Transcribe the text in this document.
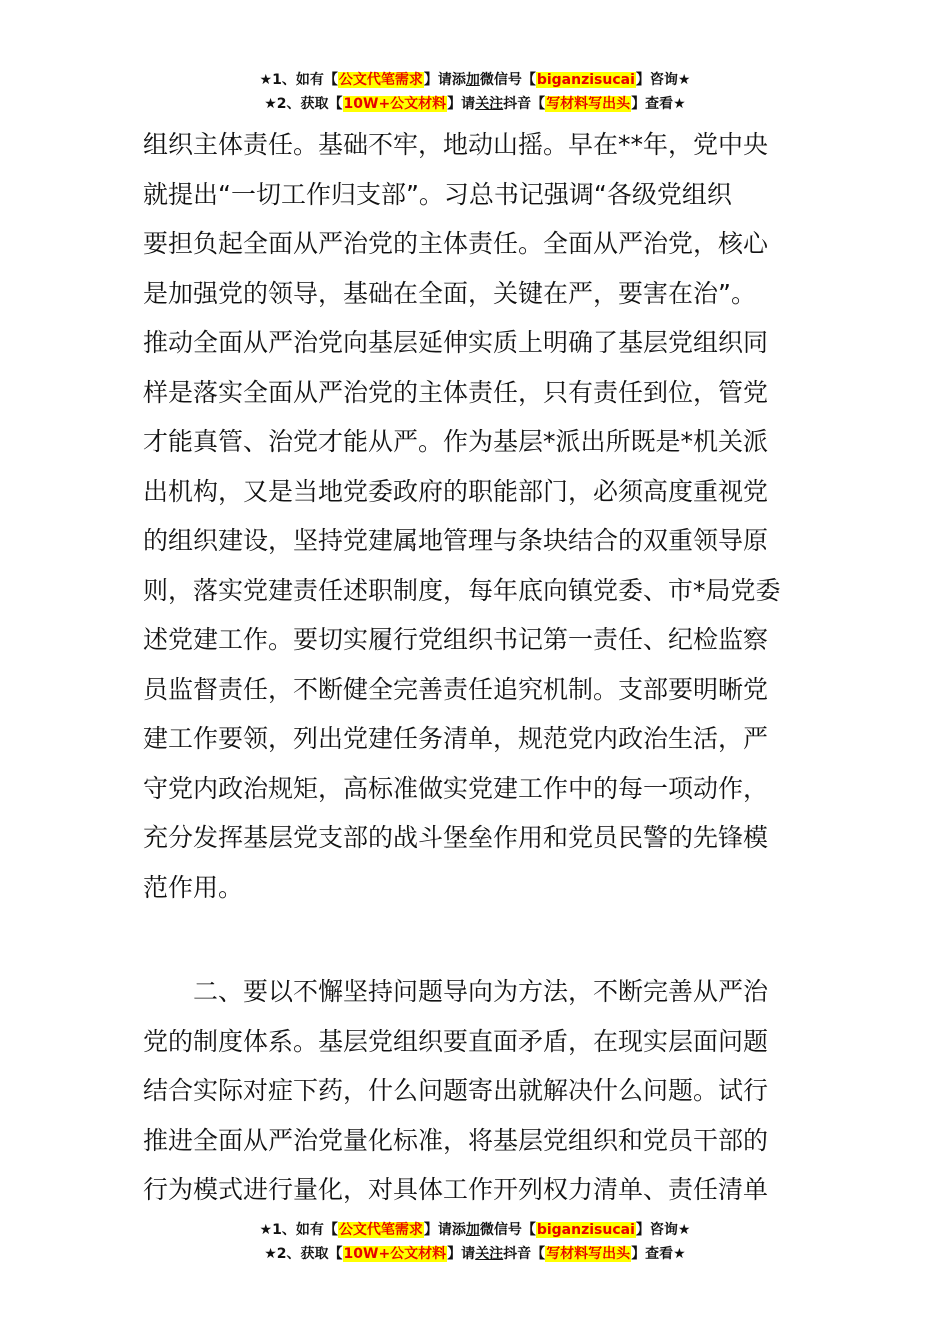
★1、如有【公文代笔需求】请添加微信号【biganzisucai】咨询★
★2、获取【10W+公文材料】请关注抖音【写材料写出头】查看★
组织主体责任。基础不牢，地动山摇。早在**年，党中央
就提出“一切工作归支部”。习总书记强调“各级党组织
要担负起全面从严治党的主体责任。全面从严治党，核心
是加强党的领导，基础在全面，关键在严，要害在治”。
推动全面从严治党向基层延伸实质上明确了基层党组织同
样是落实全面从严治党的主体责任，只有责任到位，管党
才能真管、治党才能从严。作为基层*派出所既是*机关派
出机构，又是当地党委政府的职能部门，必须高度重视党
的组织建设，坚持党建属地管理与条块结合的双重领导原
则，落实党建责任述职制度，每年底向镇党委、市*局党委
述党建工作。要切实履行党组织书记第一责任、纪检监察
员监督责任，不断健全完善责任追究机制。支部要明晰党
建工作要领，列出党建任务清单，规范党内政治生活，严
守党内政治规矩，高标准做实党建工作中的每一项动作，
充分发挥基层党支部的战斗堡垒作用和党员民警的先锋模
范作用。
　　二、要以不懈坚持问题导向为方法，不断完善从严治
党的制度体系。基层党组织要直面矛盾，在现实层面问题
结合实际对症下药，什么问题寄出就解决什么问题。试行
推进全面从严治党量化标准，将基层党组织和党员干部的
行为模式进行量化，对具体工作开列权力清单、责任清单
★1、如有【公文代笔需求】请添加微信号【biganzisucai】咨询★
★2、获取【10W+公文材料】请关注抖音【写材料写出头】查看★
